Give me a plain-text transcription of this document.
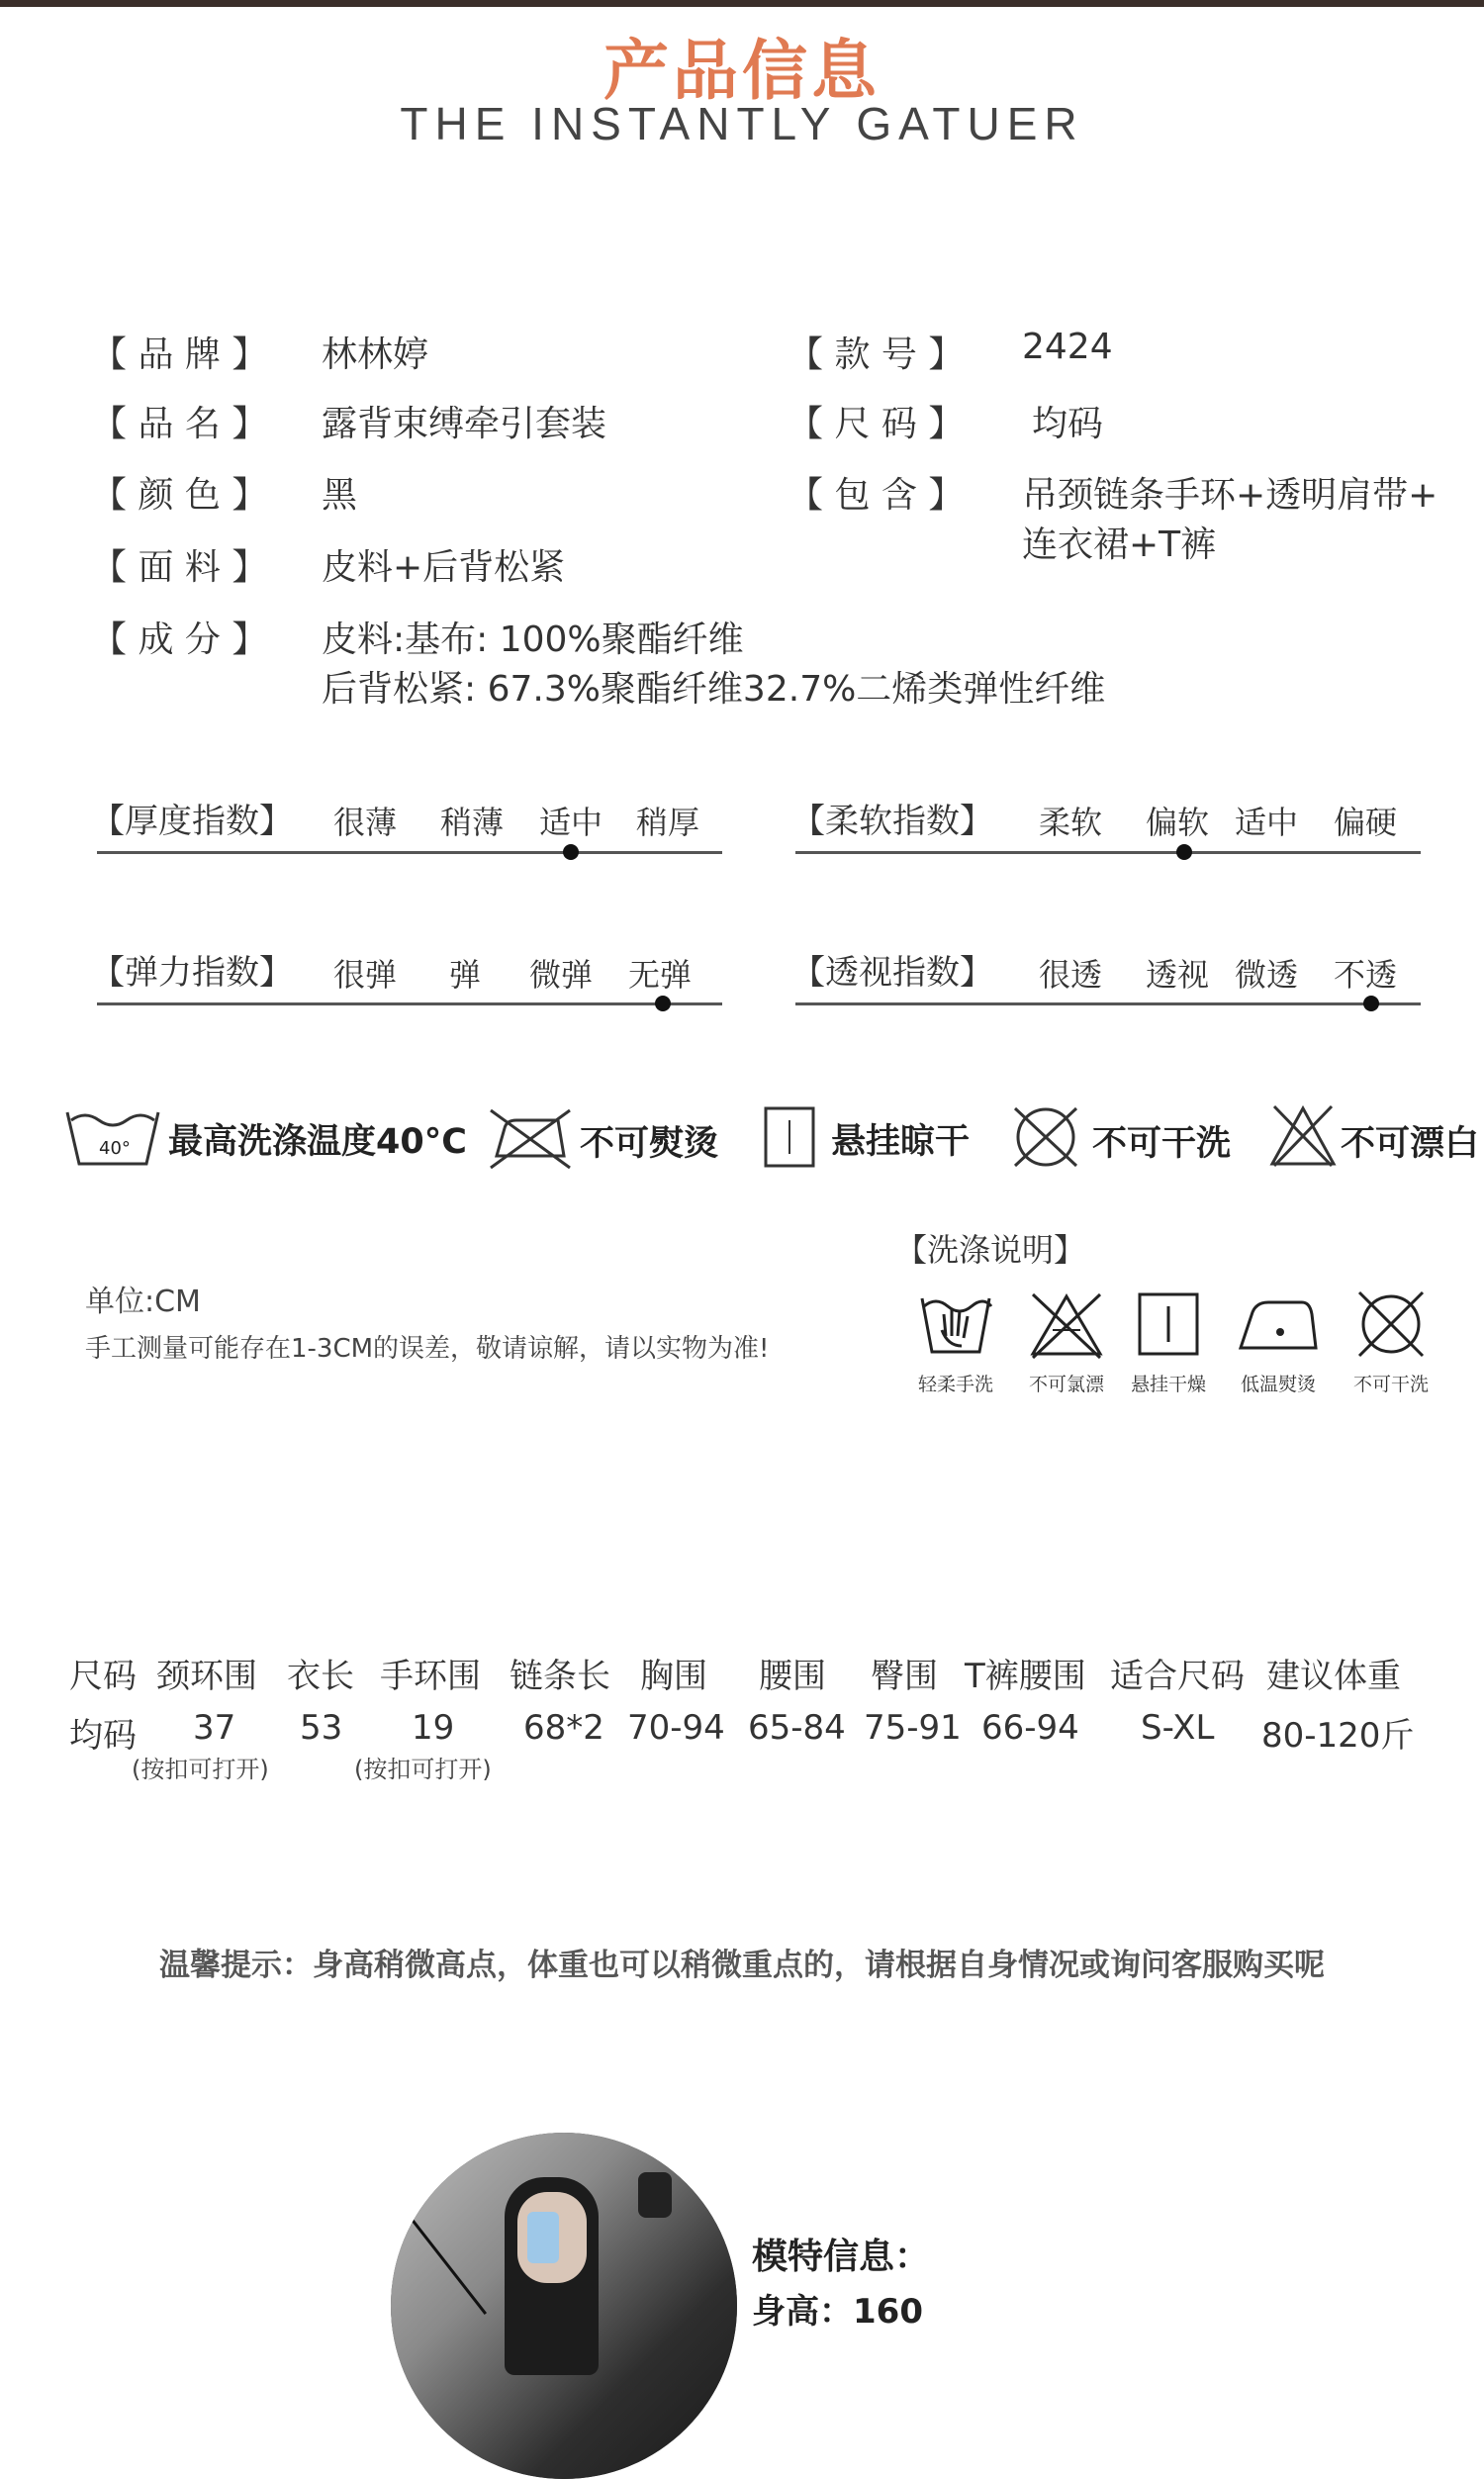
产品信息
THE INSTANTLY GATUER
【 品 牌 】 林林婷	【 款 号 】 2424
【 品 名 】 露背束缚牵引套装	【 尺 码 】 均码
【 颜 色 】 黑	【 包 含 】 吊颈链条手环+透明肩带+
连衣裙+T裤
【 面 料 】 皮料+后背松紧
【 成 分 】 皮料:基布: 100%聚酯纤维
后背松紧: 67.3%聚酯纤维32.7%二烯类弹性纤维
【厚度指数】 很薄 稍薄 适中 稍厚	【柔软指数】 柔软 偏软 适中 偏硬
【弹力指数】 很弹 弹 微弹 无弹	【透视指数】 很透 透视 微透 不透
40° 最高洗涤温度40°C	不可熨烫	悬挂晾干	不可干洗	不可漂白
单位:CM
手工测量可能存在1-3CM的误差，敬请谅解，请以实物为准!
【洗涤说明】
轻柔手洗	不可氯漂	悬挂干燥	低温熨烫	不可干洗
尺码 颈环围 衣长 手环围 链条长 胸围 腰围 臀围 T裤腰围 适合尺码 建议体重
均码 37 53 19 68*2 70-94 65-84 75-91 66-94 S-XL 80-120斤
(按扣可打开)	(按扣可打开)
温馨提示：身高稍微高点，体重也可以稍微重点的，请根据自身情况或询问客服购买呢
模特信息：
身高：160
